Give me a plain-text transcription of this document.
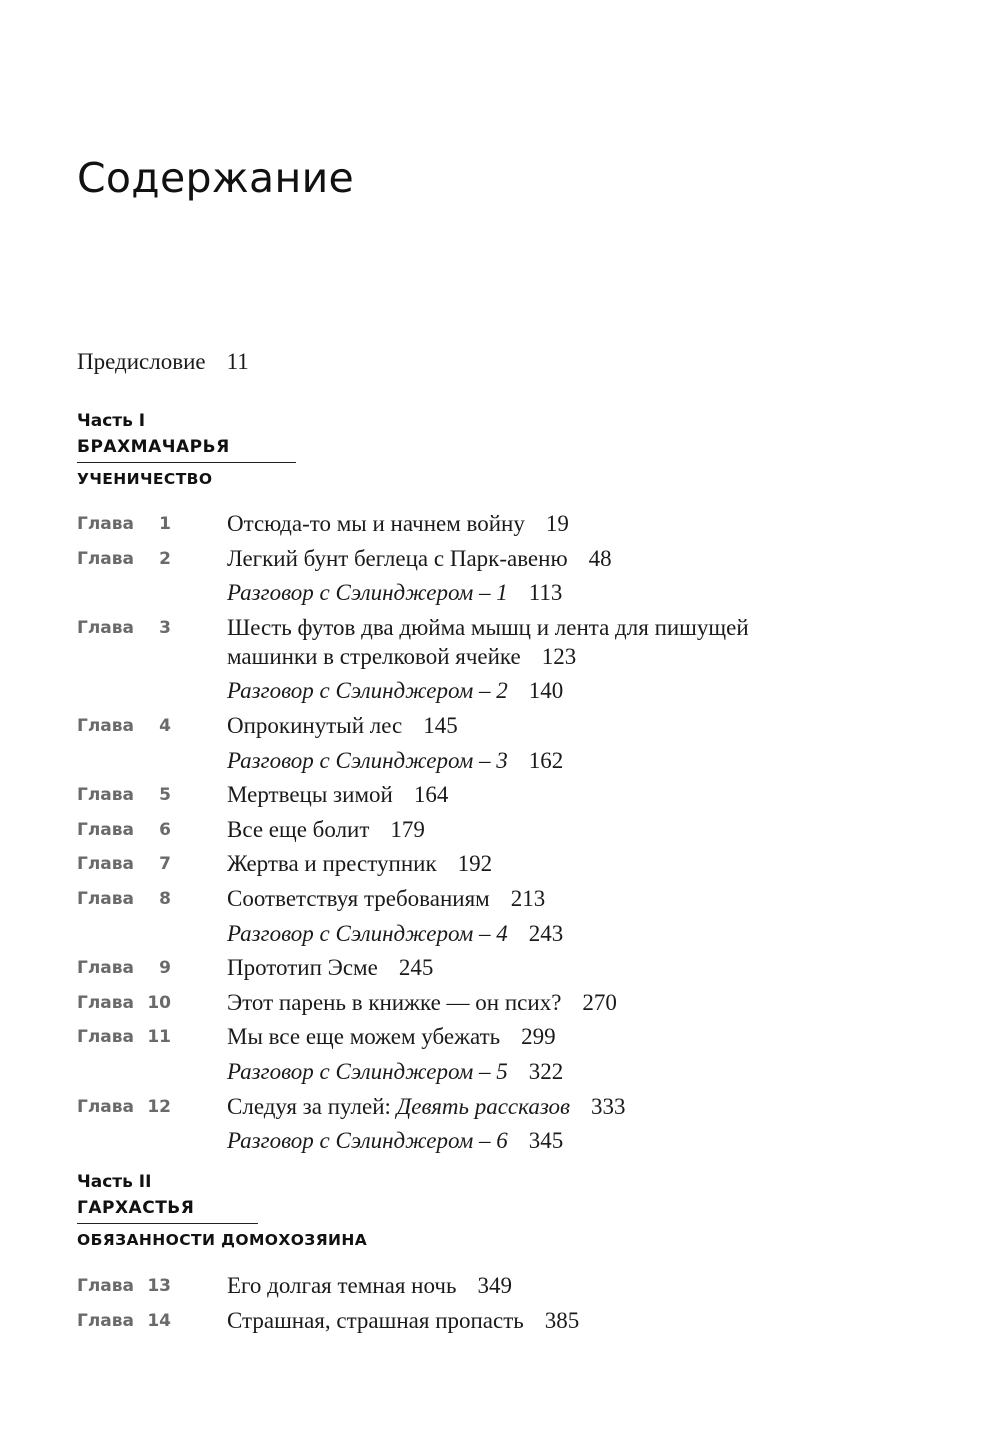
Содержание
Предисловие 11
Часть I
БРАХМАЧАРЬЯ
УЧЕНИЧЕСТВО
Глава 1 Отсюда-то мы и начнем войну 19
Глава 2 Легкий бунт беглеца с Парк-авеню 48
Разговор с Сэлинджером – 1 113
Глава 3 Шесть футов два дюйма мышц и лента для пишущей
машинки в стрелковой ячейке 123
Разговор с Сэлинджером – 2 140
Глава 4 Опрокинутый лес 145
Разговор с Сэлинджером – 3 162
Глава 5 Мертвецы зимой 164
Глава 6 Все еще болит 179
Глава 7 Жертва и преступник 192
Глава 8 Соответствуя требованиям 213
Разговор с Сэлинджером – 4 243
Глава 9 Прототип Эсме 245
Глава 10 Этот парень в книжке — он псих? 270
Глава 11 Мы все еще можем убежать 299
Разговор с Сэлинджером – 5 322
Глава 12 Следуя за пулей: Девять рассказов 333
Разговор с Сэлинджером – 6 345
Часть II
ГАРХАСТЬЯ
ОБЯЗАННОСТИ ДОМОХОЗЯИНА
Глава 13 Его долгая темная ночь 349
Глава 14 Страшная, страшная пропасть 385
